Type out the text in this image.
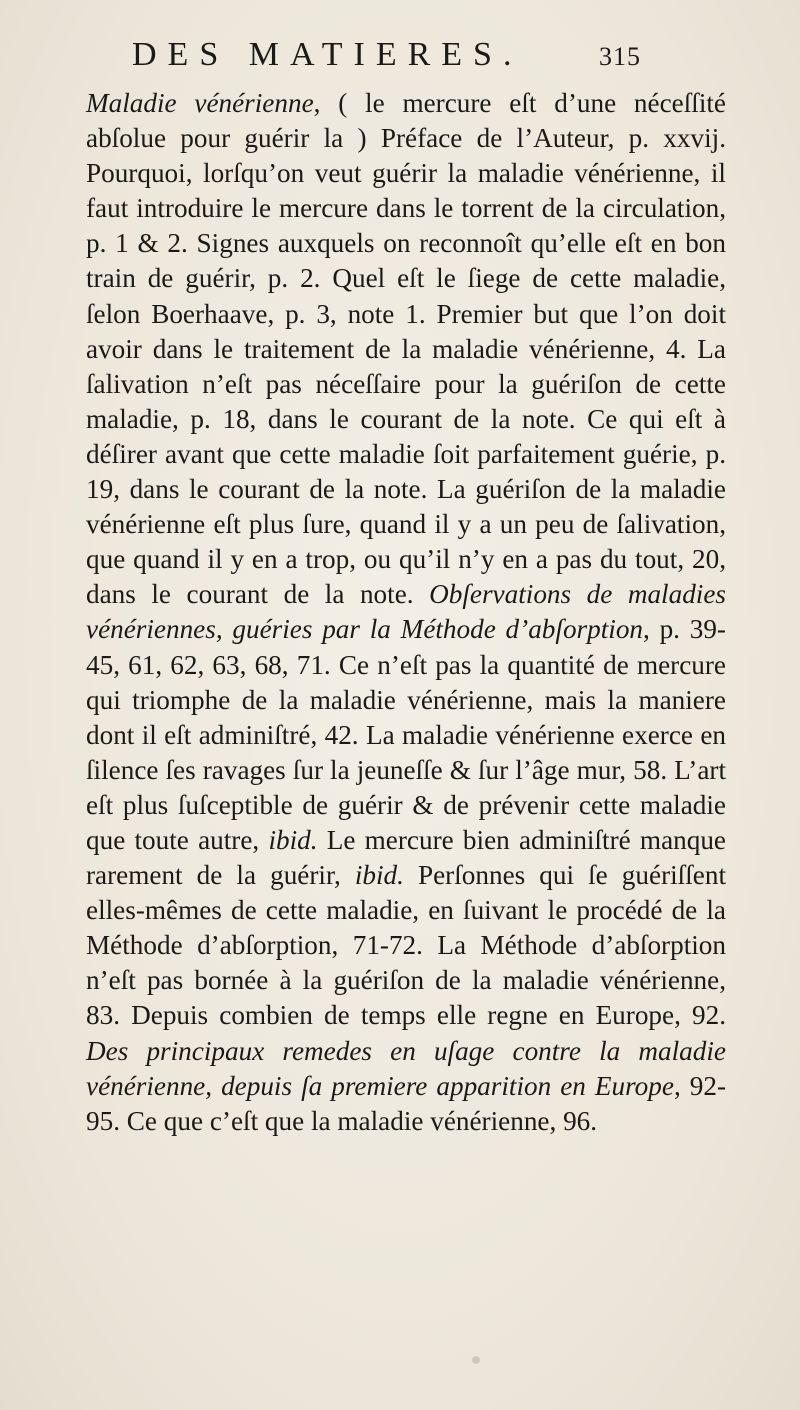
DES MATIERES.	315

Maladie vénérienne, ( le mercure eſt d’une néceſſité abſolue pour guérir la ) Préface de l’Auteur, p. xxvij. Pourquoi, lorſqu’on veut guérir la maladie vénérienne, il faut introduire le mercure dans le torrent de la circulation, p. 1 & 2. Signes auxquels on reconnoît qu’elle eſt en bon train de guérir, p. 2. Quel eſt le ſiege de cette maladie, ſelon Boerhaave, p. 3, note 1. Premier but que l’on doit avoir dans le traitement de la maladie vénérienne, 4. La ſalivation n’eſt pas néceſſaire pour la guériſon de cette maladie, p. 18, dans le courant de la note. Ce qui eſt à déſirer avant que cette maladie ſoit parfaitement guérie, p. 19, dans le courant de la note. La guériſon de la maladie vénérienne eſt plus ſure, quand il y a un peu de ſalivation, que quand il y en a trop, ou qu’il n’y en a pas du tout, 20, dans le courant de la note. Obſervations de maladies vénériennes, guéries par la Méthode d’abſorption, p. 39-45, 61, 62, 63, 68, 71. Ce n’eſt pas la quantité de mercure qui triomphe de la maladie vénérienne, mais la maniere dont il eſt adminiſtré, 42. La maladie vénérienne exerce en ſilence ſes ravages ſur la jeuneſſe & ſur l’âge mur, 58. L’art eſt plus ſuſceptible de guérir & de prévenir cette maladie que toute autre, ibid. Le mercure bien adminiſtré manque rarement de la guérir, ibid. Perſonnes qui ſe guériſſent elles-mêmes de cette maladie, en ſuivant le procédé de la Méthode d’abſorption, 71-72. La Méthode d’abſorption n’eſt pas bornée à la guériſon de la maladie vénérienne, 83. Depuis combien de temps elle regne en Europe, 92. Des principaux remedes en uſage contre la maladie vénérienne, depuis ſa premiere apparition en Europe, 92-95. Ce que c’eſt que la maladie vénérienne, 96.
